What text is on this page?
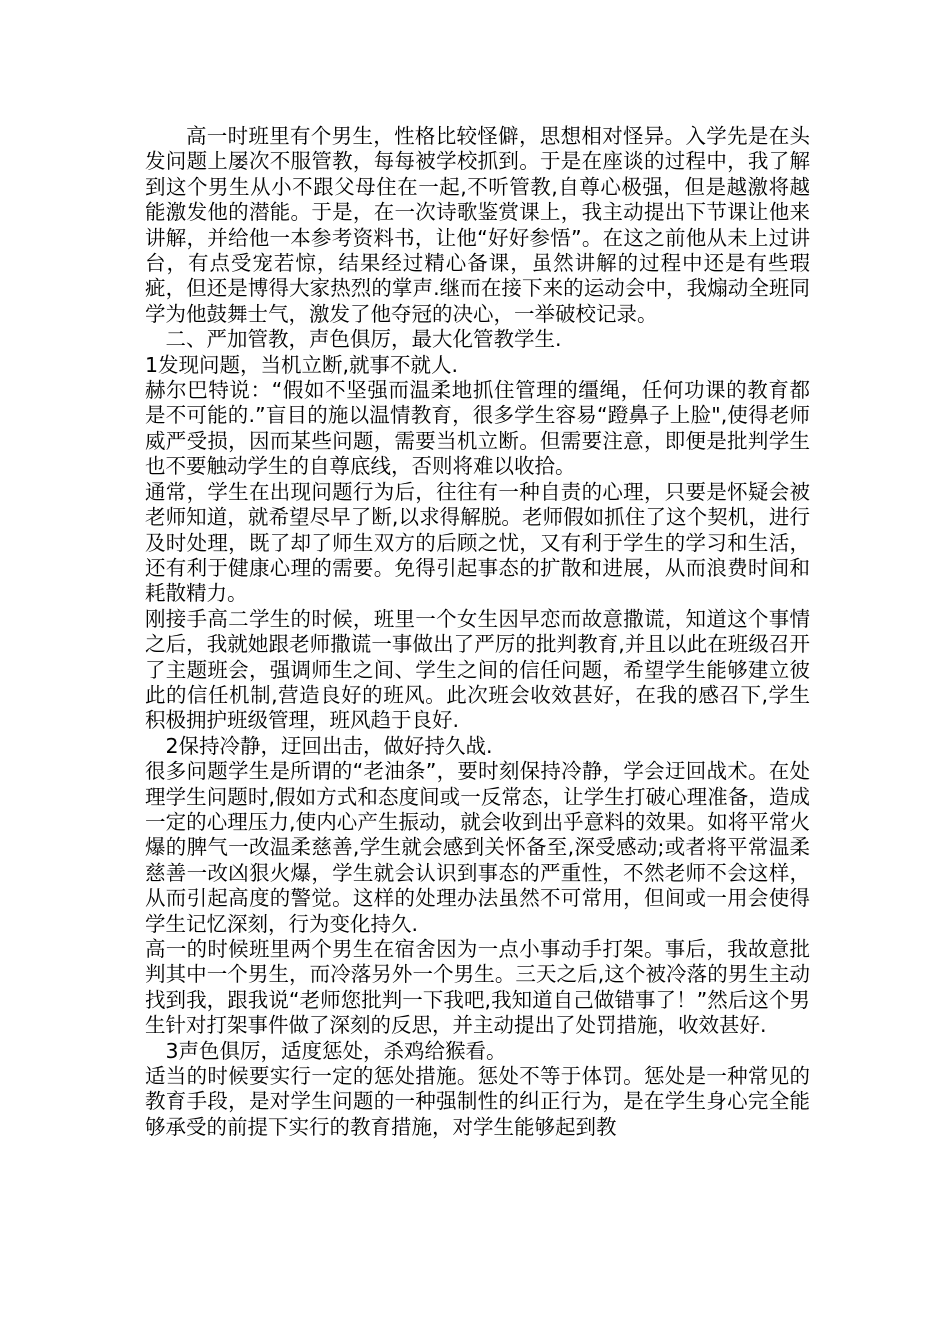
高一时班里有个男生，性格比较怪僻，思想相对怪异。入学先是在头发问题上屡次不服管教，每每被学校抓到。于是在座谈的过程中，我了解到这个男生从小不跟父母住在一起,不听管教,自尊心极强，但是越激将越能激发他的潜能。于是，在一次诗歌鉴赏课上，我主动提出下节课让他来讲解，并给他一本参考资料书，让他“好好参悟”。在这之前他从未上过讲台，有点受宠若惊，结果经过精心备课，虽然讲解的过程中还是有些瑕疵，但还是博得大家热烈的掌声.继而在接下来的运动会中，我煽动全班同学为他鼓舞士气，激发了他夺冠的决心，一举破校记录。

二、严加管教，声色俱厉，最大化管教学生.

1发现问题，当机立断,就事不就人.

赫尔巴特说：“假如不坚强而温柔地抓住管理的缰绳，任何功课的教育都是不可能的.”盲目的施以温情教育，很多学生容易“蹬鼻子上脸",使得老师威严受损，因而某些问题，需要当机立断。但需要注意，即便是批判学生也不要触动学生的自尊底线，否则将难以收拾。

通常，学生在出现问题行为后，往往有一种自责的心理，只要是怀疑会被老师知道，就希望尽早了断,以求得解脱。老师假如抓住了这个契机，进行及时处理，既了却了师生双方的后顾之忧，又有利于学生的学习和生活，还有利于健康心理的需要。免得引起事态的扩散和进展，从而浪费时间和耗散精力。

刚接手高二学生的时候，班里一个女生因早恋而故意撒谎，知道这个事情之后，我就她跟老师撒谎一事做出了严厉的批判教育,并且以此在班级召开了主题班会，强调师生之间、学生之间的信任问题，希望学生能够建立彼此的信任机制,营造良好的班风。此次班会收效甚好，在我的感召下,学生积极拥护班级管理，班风趋于良好.

2保持冷静，迂回出击，做好持久战.

很多问题学生是所谓的“老油条”，要时刻保持冷静，学会迂回战术。在处理学生问题时,假如方式和态度间或一反常态，让学生打破心理准备，造成一定的心理压力,使内心产生振动，就会收到出乎意料的效果。如将平常火爆的脾气一改温柔慈善,学生就会感到关怀备至,深受感动;或者将平常温柔慈善一改凶狠火爆，学生就会认识到事态的严重性，不然老师不会这样，从而引起高度的警觉。这样的处理办法虽然不可常用，但间或一用会使得学生记忆深刻，行为变化持久.

高一的时候班里两个男生在宿舍因为一点小事动手打架。事后，我故意批判其中一个男生，而冷落另外一个男生。三天之后,这个被冷落的男生主动找到我，跟我说“老师您批判一下我吧,我知道自己做错事了！”然后这个男生针对打架事件做了深刻的反思，并主动提出了处罚措施，收效甚好.

3声色俱厉，适度惩处，杀鸡给猴看。

适当的时候要实行一定的惩处措施。惩处不等于体罚。惩处是一种常见的教育手段，是对学生问题的一种强制性的纠正行为，是在学生身心完全能够承受的前提下实行的教育措施，对学生能够起到教
